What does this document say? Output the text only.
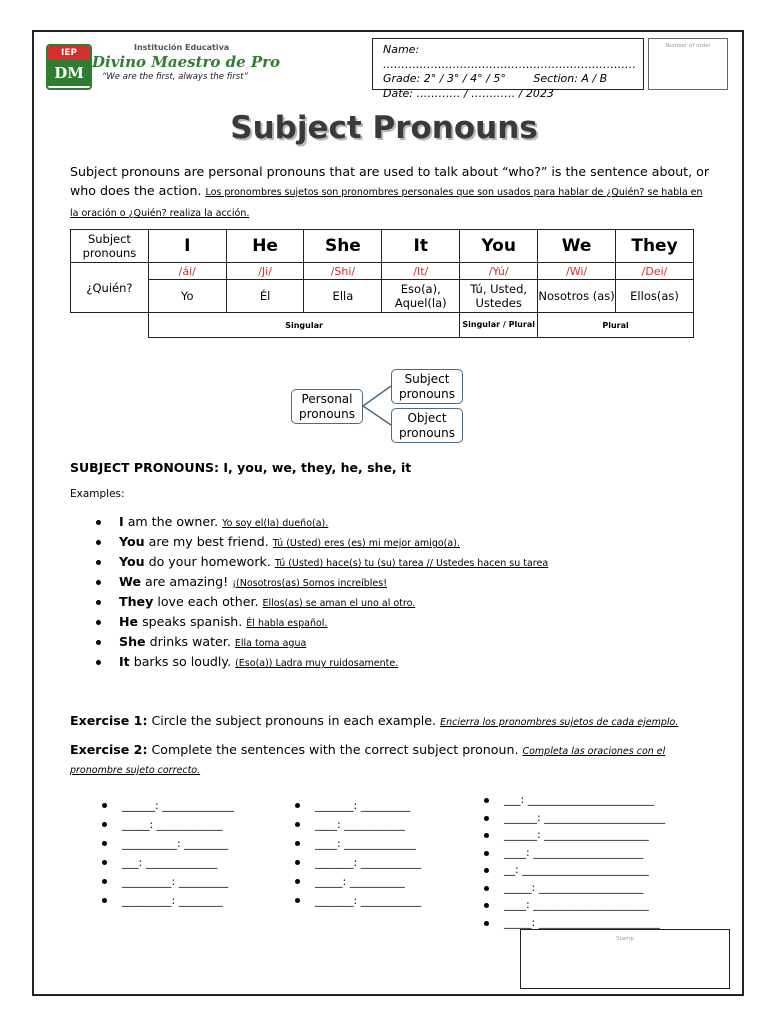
IEP
DM
Institución Educativa
Divino Maestro de Pro
“We are the first, always the first”
Name: ……………………………………………………………
Grade: 2° / 3° / 4° / 5°	Section: A / B
Date: ………… / ………… / 2023
Number of order
Subject Pronouns
Subject pronouns are personal pronouns that are used to talk about “who?” is the sentence about, or who does the action. Los pronombres sujetos son pronombres personales que son usados para hablar de ¿Quién? se habla en la oración o ¿Quién? realiza la acción.
Subject pronouns	I	He	She	It	You	We	They
¿Quién?	/ái/	/Ji/	/Shi/	/It/	/Yú/	/Wi/	/Dei/
	Yo	Él	Ella	Eso(a), Aquel(la)	Tú, Usted, Ustedes	Nosotros (as)	Ellos(as)
	Singular				Singular / Plural	Plural	
Personal pronouns
Subject pronouns
Object pronouns
SUBJECT PRONOUNS: I, you, we, they, he, she, it
Examples:
I am the owner. Yo soy el(la) dueño(a).
You are my best friend. Tú (Usted) eres (es) mi mejor amigo(a).
You do your homework. Tú (Usted) hace(s) tu (su) tarea // Ustedes hacen su tarea
We are amazing! ¡(Nosotros(as) Somos increíbles!
They love each other. Ellos(as) se aman el uno al otro.
He speaks spanish. Él habla español.
She drinks water. Ella toma agua
It barks so loudly. (Eso(a)) Ladra muy ruidosamente.
Exercise 1: Circle the subject pronouns in each example. Encierra los pronombres sujetos de cada ejemplo.
Exercise 2: Complete the sentences with the correct subject pronoun. Completa las oraciones con el pronombre sujeto correcto.
______: _____________
_____: ____________
__________: ________
___: _____________
_________: _________
_________: ________
_______: _________
____: ___________
____: _____________
_______: ___________
_____: __________
_______: ___________
___: _______________________
______: ______________________
______: ___________________
____: ____________________
__: _______________________
_____: ___________________
____: _____________________
_____: ______________________
Stamp
